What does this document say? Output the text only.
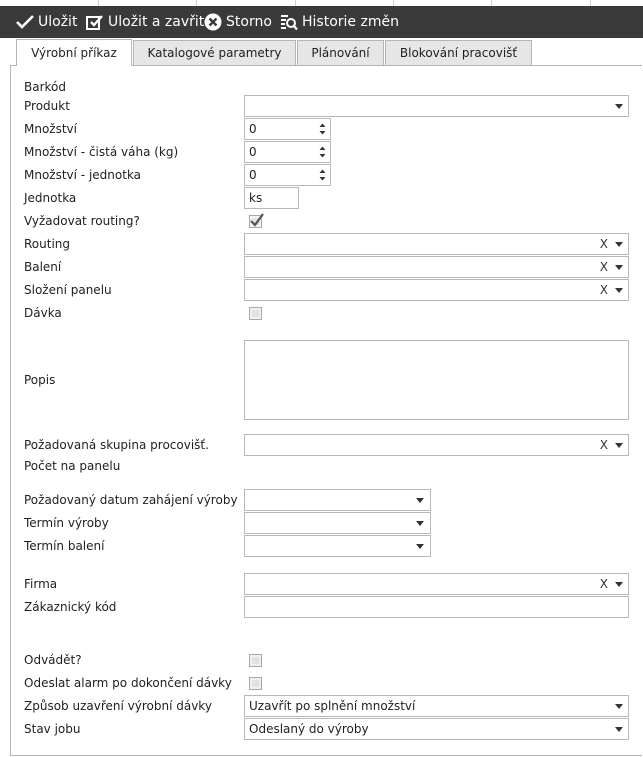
Uložit Uložit a zavřit Storno Historie změn
Výrobní příkaz	Katalogové parametry Plánování	Blokování pracovišť
Barkód
Produkt
Množství
Množství - čistá váha (kg)
Množství - jednotka
Jednotka
Vyžadovat routing?
Routing
Balení
Složení panelu
Dávka
Popis
Požadovaná skupina procovišť.
Počet na panelu
Požadovaný datum zahájení výroby
Termín výroby
Termín balení
Firma
Zákaznický kód
Odvádět?
Odeslat alarm po dokončení dávky
Způsob uzavření výrobní dávky
Stav jobu
0
0
0
ks
X
X
X
X
X
Uzavřít po splnění množství
Odeslaný do výroby
